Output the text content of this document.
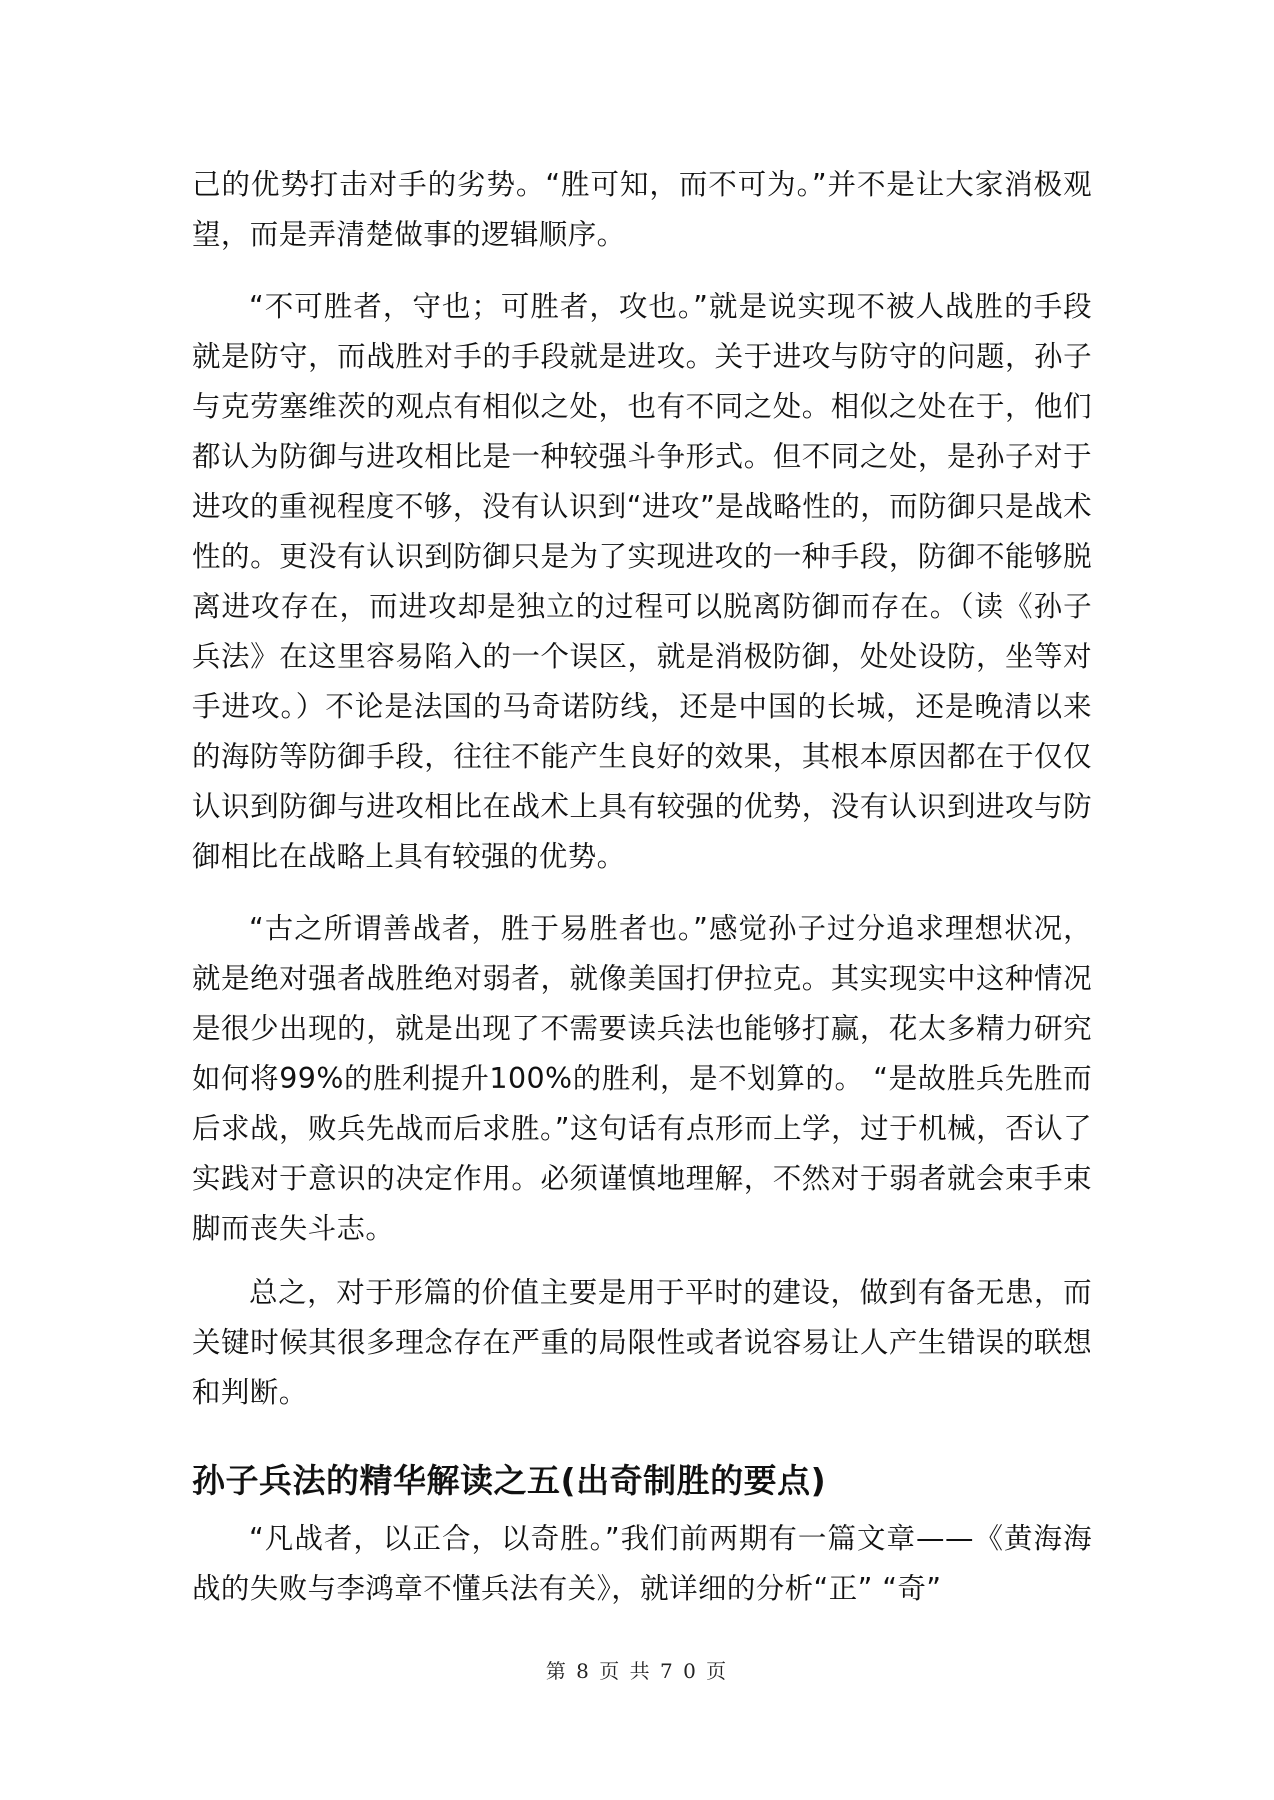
己的优势打击对手的劣势。“胜可知，而不可为。”并不是让大家消极观望，而是弄清楚做事的逻辑顺序。

“不可胜者，守也；可胜者，攻也。”就是说实现不被人战胜的手段就是防守，而战胜对手的手段就是进攻。关于进攻与防守的问题，孙子与克劳塞维茨的观点有相似之处，也有不同之处。相似之处在于，他们都认为防御与进攻相比是一种较强斗争形式。但不同之处，是孙子对于进攻的重视程度不够，没有认识到“进攻”是战略性的，而防御只是战术性的。更没有认识到防御只是为了实现进攻的一种手段，防御不能够脱离进攻存在，而进攻却是独立的过程可以脱离防御而存在。（读《孙子兵法》在这里容易陷入的一个误区，就是消极防御，处处设防，坐等对手进攻。）不论是法国的马奇诺防线，还是中国的长城，还是晚清以来的海防等防御手段，往往不能产生良好的效果，其根本原因都在于仅仅认识到防御与进攻相比在战术上具有较强的优势，没有认识到进攻与防御相比在战略上具有较强的优势。

“古之所谓善战者，胜于易胜者也。”感觉孙子过分追求理想状况，就是绝对强者战胜绝对弱者，就像美国打伊拉克。其实现实中这种情况是很少出现的，就是出现了不需要读兵法也能够打赢，花太多精力研究如何将99%的胜利提升100%的胜利，是不划算的。 “是故胜兵先胜而后求战，败兵先战而后求胜。”这句话有点形而上学，过于机械，否认了实践对于意识的决定作用。必须谨慎地理解，不然对于弱者就会束手束脚而丧失斗志。

总之，对于形篇的价值主要是用于平时的建设，做到有备无患，而关键时候其很多理念存在严重的局限性或者说容易让人产生错误的联想和判断。

孙子兵法的精华解读之五(出奇制胜的要点)

“凡战者，以正合，以奇胜。”我们前两期有一篇文章——《黄海海战的失败与李鸿章不懂兵法有关》，就详细的分析“正” “奇”

第 8 页 共 7 0 页
